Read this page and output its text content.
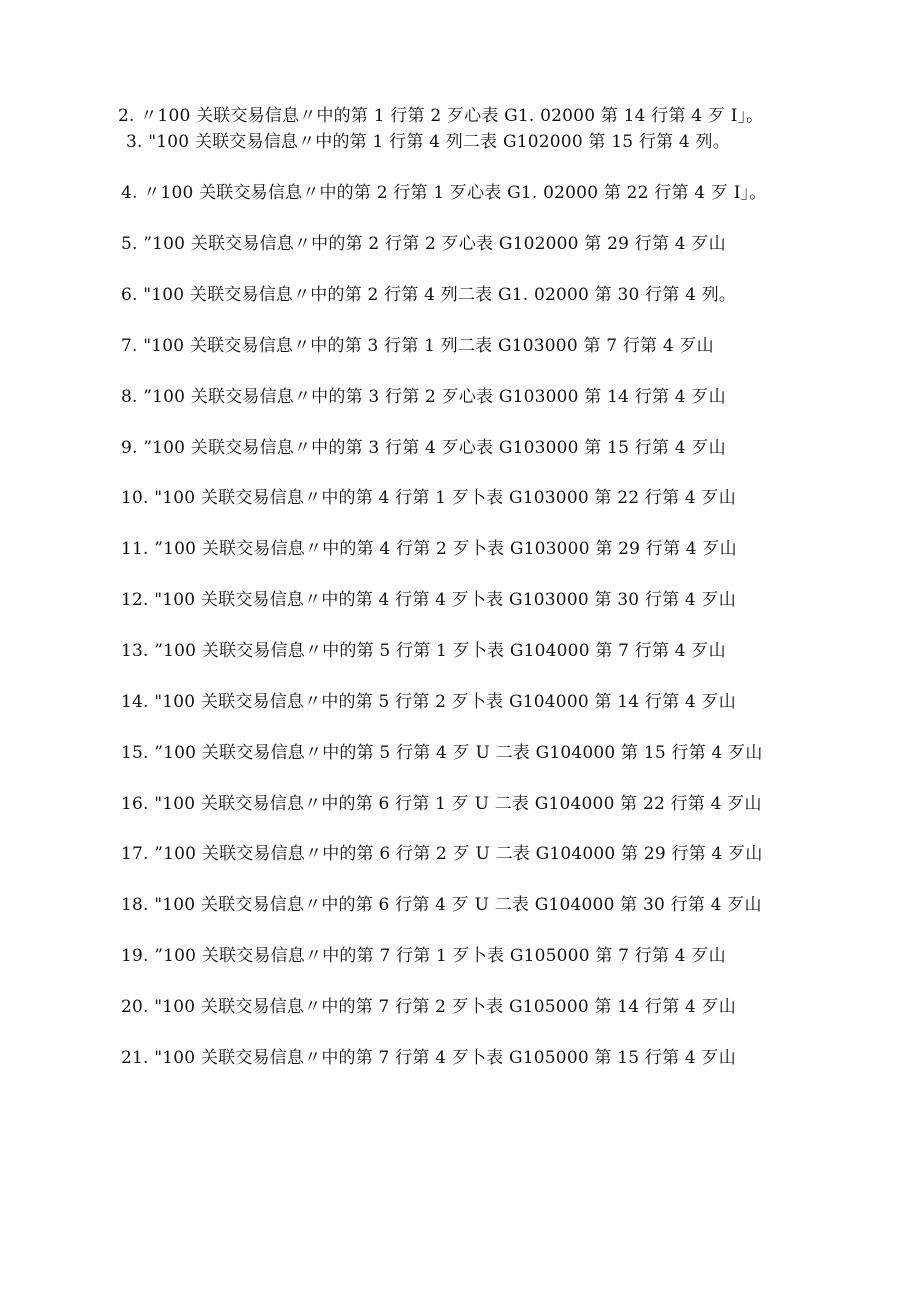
2. 〃100 关联交易信息〃中的第 1 行第 2 歹心表 G1. 02000 第 14 行第 4 歹 I」。
3. "100 关联交易信息〃中的第 1 行第 4 列二表 G102000 第 15 行第 4 列。
4. 〃100 关联交易信息〃中的第 2 行第 1 歹心表 G1. 02000 第 22 行第 4 歹 I」。
5. ”100 关联交易信息〃中的第 2 行第 2 歹心表 G102000 第 29 行第 4 歹山
6. "100 关联交易信息〃中的第 2 行第 4 列二表 G1. 02000 第 30 行第 4 列。
7. "100 关联交易信息〃中的第 3 行第 1 列二表 G103000 第 7 行第 4 歹山
8. ”100 关联交易信息〃中的第 3 行第 2 歹心表 G103000 第 14 行第 4 歹山
9. ”100 关联交易信息〃中的第 3 行第 4 歹心表 G103000 第 15 行第 4 歹山
10. "100 关联交易信息〃中的第 4 行第 1 歹卜表 G103000 第 22 行第 4 歹山
11. ”100 关联交易信息〃中的第 4 行第 2 歹卜表 G103000 第 29 行第 4 歹山
12. "100 关联交易信息〃中的第 4 行第 4 歹卜表 G103000 第 30 行第 4 歹山
13. ”100 关联交易信息〃中的第 5 行第 1 歹卜表 G104000 第 7 行第 4 歹山
14. "100 关联交易信息〃中的第 5 行第 2 歹卜表 G104000 第 14 行第 4 歹山
15. ”100 关联交易信息〃中的第 5 行第 4 歹 U 二表 G104000 第 15 行第 4 歹山
16. "100 关联交易信息〃中的第 6 行第 1 歹 U 二表 G104000 第 22 行第 4 歹山
17. ”100 关联交易信息〃中的第 6 行第 2 歹 U 二表 G104000 第 29 行第 4 歹山
18. "100 关联交易信息〃中的第 6 行第 4 歹 U 二表 G104000 第 30 行第 4 歹山
19. ”100 关联交易信息〃中的第 7 行第 1 歹卜表 G105000 第 7 行第 4 歹山
20. "100 关联交易信息〃中的第 7 行第 2 歹卜表 G105000 第 14 行第 4 歹山
21. "100 关联交易信息〃中的第 7 行第 4 歹卜表 G105000 第 15 行第 4 歹山
